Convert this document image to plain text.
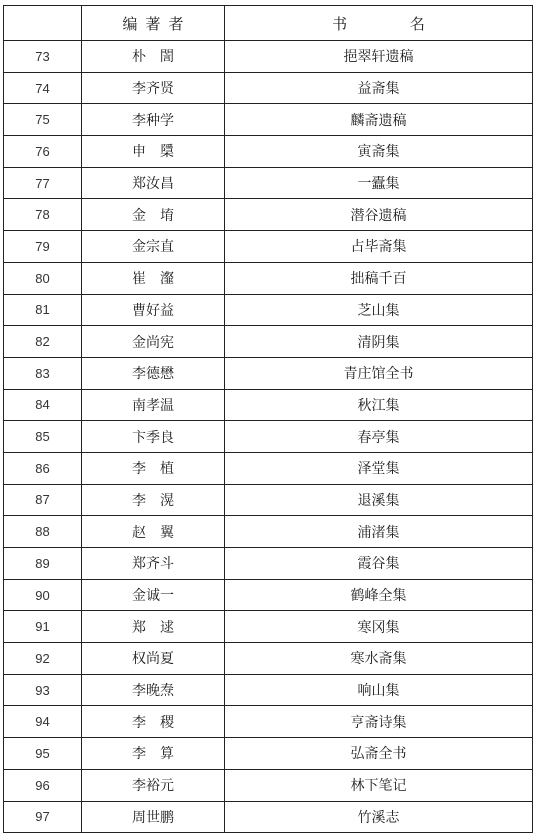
	编著者	书 名
73	朴　誾	挹翠轩遗稿
74	李齐贤	益斋集
75	李种学	麟斋遗稿
76	申　檃	寅斋集
77	郑汝昌	一蠹集
78	金　堉	潜谷遗稿
79	金宗直	占毕斋集
80	崔　瀣	拙稿千百
81	曹好益	芝山集
82	金尚宪	清阴集
83	李德懋	青庄馆全书
84	南孝温	秋江集
85	卞季良	春亭集
86	李　植	泽堂集
87	李　滉	退溪集
88	赵　翼	浦渚集
89	郑齐斗	霞谷集
90	金诚一	鹤峰全集
91	郑　逑	寒冈集
92	权尚夏	寒水斋集
93	李晚焘	响山集
94	李　稷	亨斋诗集
95	李　算	弘斋全书
96	李裕元	林下笔记
97	周世鹏	竹溪志
